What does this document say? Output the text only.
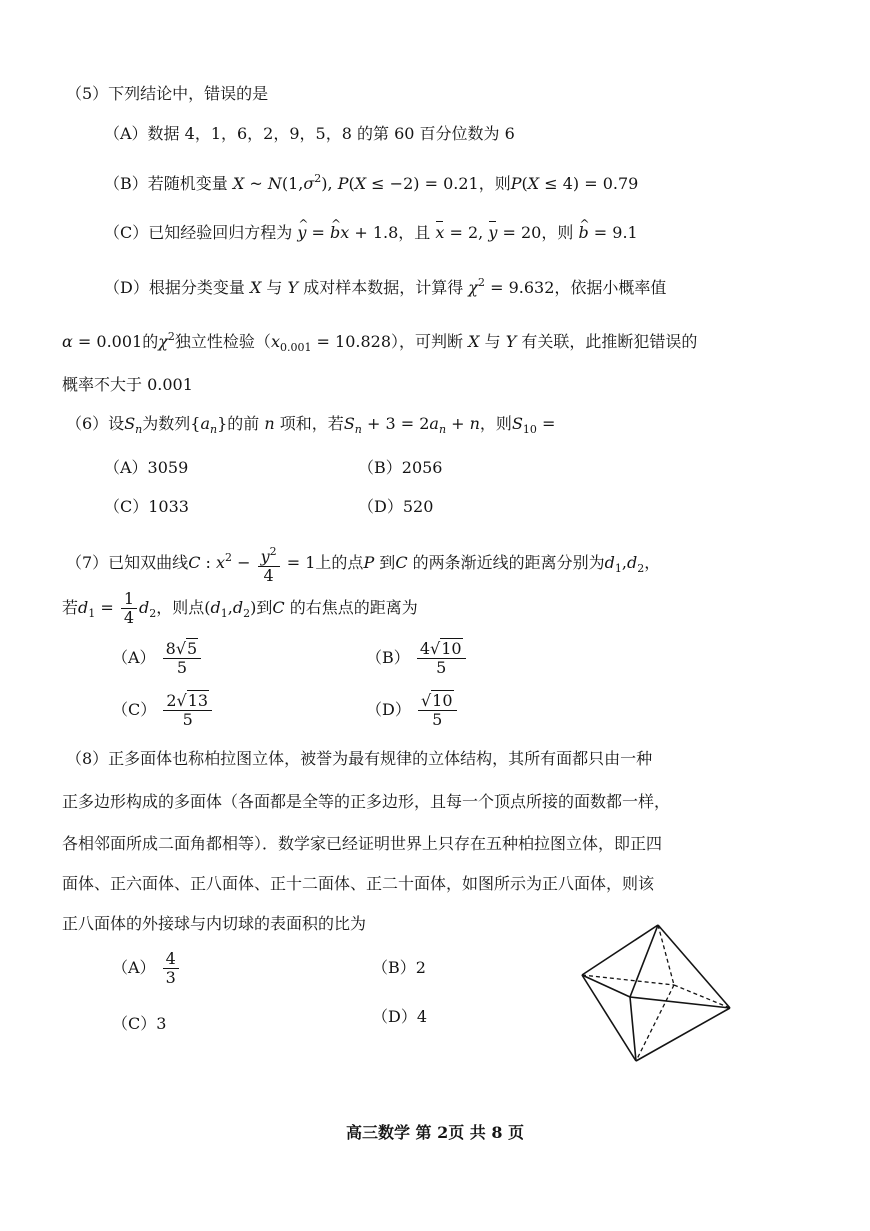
（5）下列结论中，错误的是
（A）数据 4，1，6，2，9，5，8 的第 60 百分位数为 6
（B）若随机变量 X ~ $N(1,\sigma^2)$, P(X ≤ −2) = 0.21，则P(X ≤ 4) = 0.79
（C）已知经验回归方程为 ^ y = ^ bx + 1.8，且 x = 2, y = 20，则 ^ b = 9.1
（D）根据分类变量 X 与 Y 成对样本数据，计算得 $\chi^2 = 9.632$，依据小概率值
α = 0.001的$\chi^2$独立性检验$(x_{0.001} = 10.828)$，可判断 X 与 Y 有关联，此推断犯错误的
概率不大于 0.001
（6）设$S_n$为数列$\{a_n\}$的前 n 项和，若$S_n + 3 = 2a_n + n$，则$S_{10}$ =
（A）3059	（B）2056
（C）1033	（D）520
（7）已知双曲线C : $x^2 - \frac{y^2}{4} = 1$上的点P 到C 的两条渐近线的距离分别为$d_1,d_2$，
若$d_1 = \frac{1}{4} d_2$，则点$(d_1,d_2)$到C 的右焦点的距离为
$(A) \frac{8√5}{5}$	$(B) \frac{4√10}{5}$
$(C) \frac{2√13}{5}$	$(D) \frac{√10}{5}$
（8）正多面体也称柏拉图立体，被誉为最有规律的立体结构，其所有面都只由一种
正多边形构成的多面体（各面都是全等的正多边形，且每一个顶点所接的面数都一样，
各相邻面所成二面角都相等）．数学家已经证明世界上只存在五种柏拉图立体，即正四
面体、正六面体、正八面体、正十二面体、正二十面体，如图所示为正八面体，则该
正八面体的外接球与内切球的表面积的比为
$(A) \frac{4}{3}$	（B）2
（C）3	（D）4
高三数学 第 2页 共 8 页
